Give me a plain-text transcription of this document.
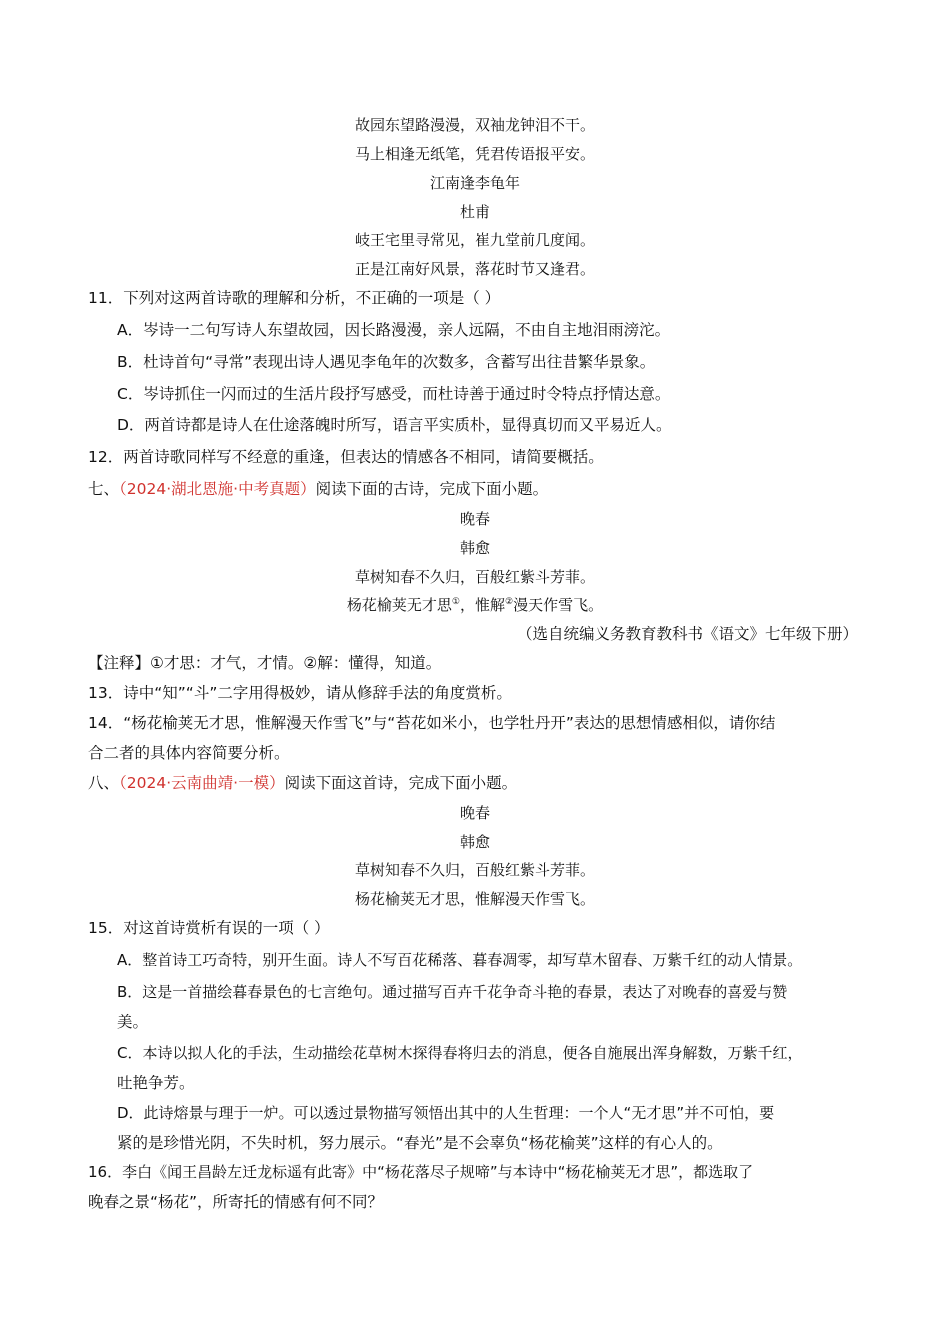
故园东望路漫漫，双袖龙钟泪不干。
马上相逢无纸笔，凭君传语报平安。
江南逢李龟年
杜甫
岐王宅里寻常见，崔九堂前几度闻。
正是江南好风景，落花时节又逢君。
11．下列对这两首诗歌的理解和分析，不正确的一项是（ ）
A．岑诗一二句写诗人东望故园，因长路漫漫，亲人远隔，不由自主地泪雨滂沱。
B．杜诗首句“寻常”表现出诗人遇见李龟年的次数多，含蓄写出往昔繁华景象。
C．岑诗抓住一闪而过的生活片段抒写感受，而杜诗善于通过时令特点抒情达意。
D．两首诗都是诗人在仕途落魄时所写，语言平实质朴，显得真切而又平易近人。
12．两首诗歌同样写不经意的重逢，但表达的情感各不相同，请简要概括。
七、（2024·湖北恩施·中考真题）阅读下面的古诗，完成下面小题。
晚春
韩愈
草树知春不久归，百般红紫斗芳菲。
杨花榆荚无才思①，惟解②漫天作雪飞。
（选自统编义务教育教科书《语文》七年级下册）
【注释】①才思：才气，才情。②解：懂得，知道。
13．诗中“知”“斗”二字用得极妙，请从修辞手法的角度赏析。
14．“杨花榆荚无才思，惟解漫天作雪飞”与“苔花如米小，也学牡丹开”表达的思想情感相似，请你结
合二者的具体内容简要分析。
八、（2024·云南曲靖·一模）阅读下面这首诗，完成下面小题。
晚春
韩愈
草树知春不久归，百般红紫斗芳菲。
杨花榆荚无才思，惟解漫天作雪飞。
15．对这首诗赏析有误的一项（ ）
A．整首诗工巧奇特，别开生面。诗人不写百花稀落、暮春凋零，却写草木留春、万紫千红的动人情景。
B．这是一首描绘暮春景色的七言绝句。通过描写百卉千花争奇斗艳的春景，表达了对晚春的喜爱与赞
美。
C．本诗以拟人化的手法，生动描绘花草树木探得春将归去的消息，便各自施展出浑身解数，万紫千红，
吐艳争芳。
D．此诗熔景与理于一炉。可以透过景物描写领悟出其中的人生哲理：一个人“无才思”并不可怕，要
紧的是珍惜光阴，不失时机，努力展示。“春光”是不会辜负“杨花榆荚”这样的有心人的。
16．李白《闻王昌龄左迁龙标遥有此寄》中“杨花落尽子规啼”与本诗中“杨花榆荚无才思”，都选取了
晚春之景“杨花”，所寄托的情感有何不同？
